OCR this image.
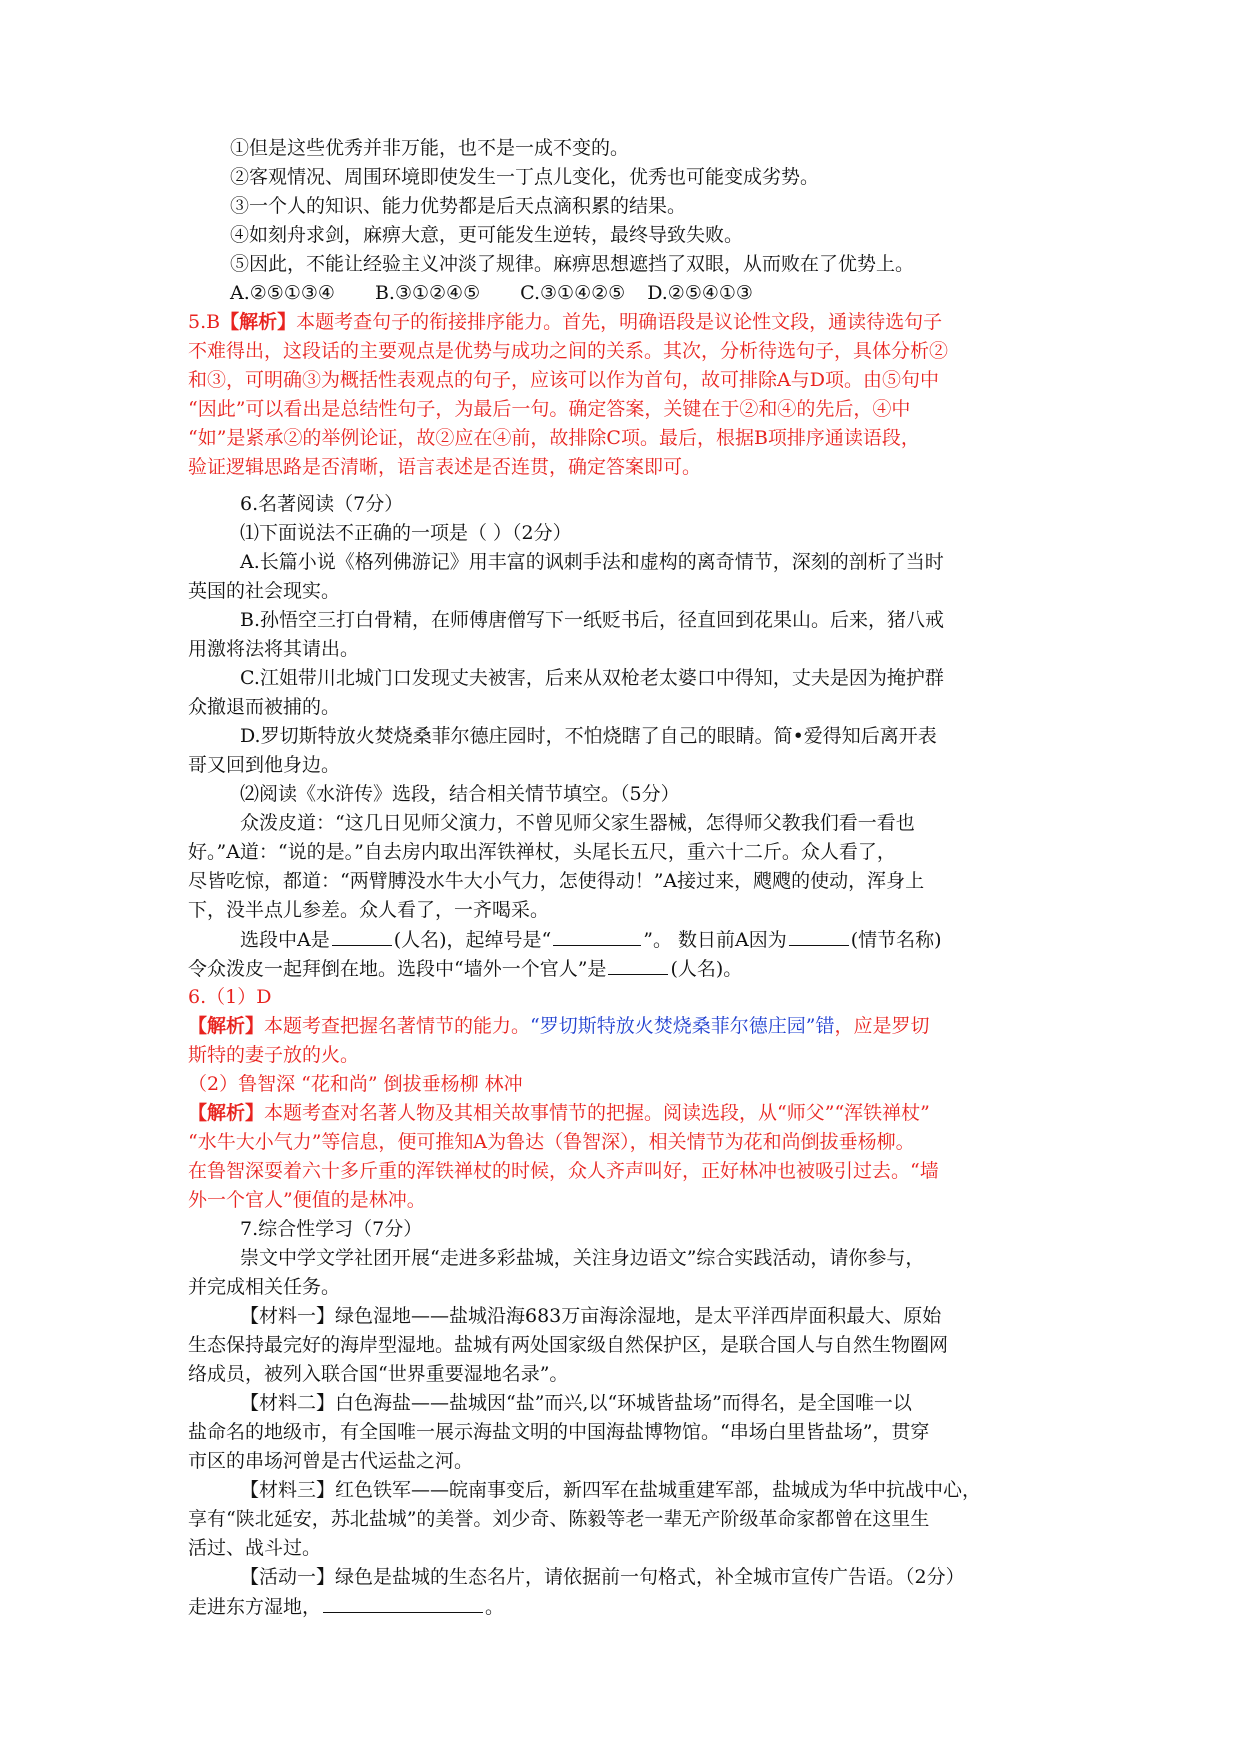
①但是这些优秀并非万能，也不是一成不变的。
②客观情况、周围环境即使发生一丁点儿变化，优秀也可能变成劣势。
③一个人的知识、能力优势都是后天点滴积累的结果。
④如刻舟求剑，麻痹大意，更可能发生逆转，最终导致失败。
⑤因此，不能让经验主义冲淡了规律。麻痹思想遮挡了双眼，从而败在了优势上。
A.②⑤①③④ B.③①②④⑤ C.③①④②⑤ D.②⑤④①③
5.B【解析】本题考查句子的衔接排序能力。首先，明确语段是议论性文段，通读待选句子
不难得出，这段话的主要观点是优势与成功之间的关系。其次，分析待选句子，具体分析②
和③，可明确③为概括性表观点的句子，应该可以作为首句，故可排除A与D项。由⑤句中
“因此”可以看出是总结性句子，为最后一句。确定答案，关键在于②和④的先后，④中
“如”是紧承②的举例论证，故②应在④前，故排除C项。最后，根据B项排序通读语段，
验证逻辑思路是否清晰，语言表述是否连贯，确定答案即可。
6.名著阅读（7分）
⑴下面说法不正确的一项是（ ）（2分）
A.长篇小说《格列佛游记》用丰富的讽刺手法和虚构的离奇情节，深刻的剖析了当时
英国的社会现实。
B.孙悟空三打白骨精，在师傅唐僧写下一纸贬书后，径直回到花果山。后来，猪八戒
用激将法将其请出。
C.江姐带川北城门口发现丈夫被害，后来从双枪老太婆口中得知，丈夫是因为掩护群
众撤退而被捕的。
D.罗切斯特放火焚烧桑菲尔德庄园时，不怕烧瞎了自己的眼睛。简•爱得知后离开表
哥又回到他身边。
⑵阅读《水浒传》选段，结合相关情节填空。（5分）
众泼皮道：“这几日见师父演力，不曾见师父家生器械，怎得师父教我们看一看也
好。”A道：“说的是。”自去房内取出浑铁禅杖，头尾长五尺，重六十二斤。众人看了，
尽皆吃惊，都道：“两臂膊没水牛大小气力，怎使得动！”A接过来，飕飕的使动，浑身上
下，没半点儿参差。众人看了，一齐喝采。
选段中A是	(人名)，起绰号是“	”。 数日前A因为	(情节名称)
令众泼皮一起拜倒在地。选段中“墙外一个官人”是	(人名)。
6.（1）D
【解析】本题考查把握名著情节的能力。“罗切斯特放火焚烧桑菲尔德庄园”错，应是罗切
斯特的妻子放的火。
（2）鲁智深 “花和尚” 倒拔垂杨柳 林冲
【解析】本题考查对名著人物及其相关故事情节的把握。阅读选段，从“师父”“浑铁禅杖”
“水牛大小气力”等信息，便可推知A为鲁达（鲁智深），相关情节为花和尚倒拔垂杨柳。
在鲁智深耍着六十多斤重的浑铁禅杖的时候，众人齐声叫好，正好林冲也被吸引过去。“墙
外一个官人”便值的是林冲。
7.综合性学习（7分）
崇文中学文学社团开展“走进多彩盐城，关注身边语文”综合实践活动，请你参与，
并完成相关任务。
【材料一】绿色湿地——盐城沿海683万亩海涂湿地，是太平洋西岸面积最大、原始
生态保持最完好的海岸型湿地。盐城有两处国家级自然保护区，是联合国人与自然生物圈网
络成员，被列入联合国“世界重要湿地名录”。
【材料二】白色海盐——盐城因“盐”而兴,以“环城皆盐场”而得名，是全国唯一以
盐命名的地级市，有全国唯一展示海盐文明的中国海盐博物馆。“串场白里皆盐场”，贯穿
市区的串场河曾是古代运盐之河。
【材料三】红色铁军——皖南事变后，新四军在盐城重建军部，盐城成为华中抗战中心，
享有“陕北延安，苏北盐城”的美誉。刘少奇、陈毅等老一辈无产阶级革命家都曾在这里生
活过、战斗过。
【活动一】绿色是盐城的生态名片，请依据前一句格式，补全城市宣传广告语。（2分）
走进东方湿地，	。
